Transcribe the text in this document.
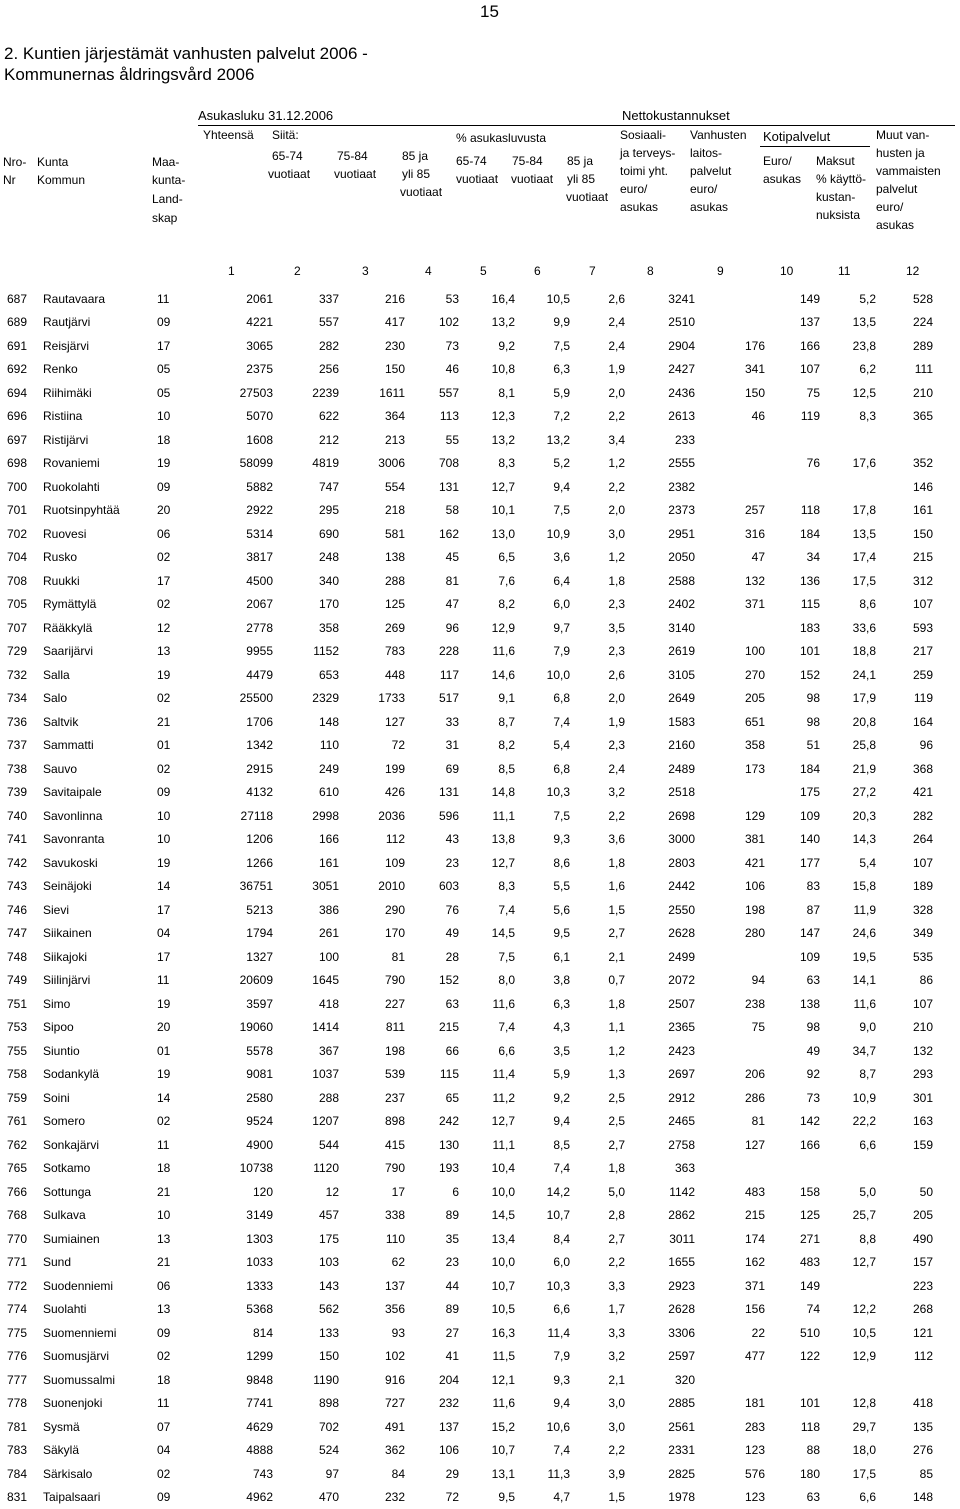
15
2. Kuntien järjestämät vanhusten palvelut 2006 -
Kommunernas åldringsvård 2006
Asukasluku 31.12.2006	Nettokustannukset
Nro-
Nr
Kunta
Kommun
Maa-
kunta-
Land-
skap
Yhteensä Siitä:
65-74
vuotiaat
75-84
vuotiaat
85 ja
yli 85
vuotiaat
% asukasluvusta
65-74
vuotiaat
75-84
vuotiaat
85 ja
yli 85
vuotiaat
Sosiaali-
ja terveys-
toimi yht.
euro/
asukas
Vanhusten
laitos-
palvelut
euro/
asukas
Kotipalvelut
Euro/
asukas
Maksut
% käyttö-
kustan-
nuksista
Muut van-
husten ja
vammaisten
palvelut
euro/
asukas
1	2	3	4	5	6	7	8	9	10	11	12
687	Rautavaara	11	2061	337	216	53	16,4	10,5	2,6	3241		149	5,2	528
689	Rautjärvi	09	4221	557	417	102	13,2	9,9	2,4	2510		137	13,5	224
691	Reisjärvi	17	3065	282	230	73	9,2	7,5	2,4	2904	176	166	23,8	289
692	Renko	05	2375	256	150	46	10,8	6,3	1,9	2427	341	107	6,2	111
694	Riihimäki	05	27503	2239	1611	557	8,1	5,9	2,0	2436	150	75	12,5	210
696	Ristiina	10	5070	622	364	113	12,3	7,2	2,2	2613	46	119	8,3	365
697	Ristijärvi	18	1608	212	213	55	13,2	13,2	3,4	233				
698	Rovaniemi	19	58099	4819	3006	708	8,3	5,2	1,2	2555		76	17,6	352
700	Ruokolahti	09	5882	747	554	131	12,7	9,4	2,2	2382				146
701	Ruotsinpyhtää	20	2922	295	218	58	10,1	7,5	2,0	2373	257	118	17,8	161
702	Ruovesi	06	5314	690	581	162	13,0	10,9	3,0	2951	316	184	13,5	150
704	Rusko	02	3817	248	138	45	6,5	3,6	1,2	2050	47	34	17,4	215
708	Ruukki	17	4500	340	288	81	7,6	6,4	1,8	2588	132	136	17,5	312
705	Rymättylä	02	2067	170	125	47	8,2	6,0	2,3	2402	371	115	8,6	107
707	Rääkkylä	12	2778	358	269	96	12,9	9,7	3,5	3140		183	33,6	593
729	Saarijärvi	13	9955	1152	783	228	11,6	7,9	2,3	2619	100	101	18,8	217
732	Salla	19	4479	653	448	117	14,6	10,0	2,6	3105	270	152	24,1	259
734	Salo	02	25500	2329	1733	517	9,1	6,8	2,0	2649	205	98	17,9	119
736	Saltvik	21	1706	148	127	33	8,7	7,4	1,9	1583	651	98	20,8	164
737	Sammatti	01	1342	110	72	31	8,2	5,4	2,3	2160	358	51	25,8	96
738	Sauvo	02	2915	249	199	69	8,5	6,8	2,4	2489	173	184	21,9	368
739	Savitaipale	09	4132	610	426	131	14,8	10,3	3,2	2518		175	27,2	421
740	Savonlinna	10	27118	2998	2036	596	11,1	7,5	2,2	2698	129	109	20,3	282
741	Savonranta	10	1206	166	112	43	13,8	9,3	3,6	3000	381	140	14,3	264
742	Savukoski	19	1266	161	109	23	12,7	8,6	1,8	2803	421	177	5,4	107
743	Seinäjoki	14	36751	3051	2010	603	8,3	5,5	1,6	2442	106	83	15,8	189
746	Sievi	17	5213	386	290	76	7,4	5,6	1,5	2550	198	87	11,9	328
747	Siikainen	04	1794	261	170	49	14,5	9,5	2,7	2628	280	147	24,6	349
748	Siikajoki	17	1327	100	81	28	7,5	6,1	2,1	2499		109	19,5	535
749	Siilinjärvi	11	20609	1645	790	152	8,0	3,8	0,7	2072	94	63	14,1	86
751	Simo	19	3597	418	227	63	11,6	6,3	1,8	2507	238	138	11,6	107
753	Sipoo	20	19060	1414	811	215	7,4	4,3	1,1	2365	75	98	9,0	210
755	Siuntio	01	5578	367	198	66	6,6	3,5	1,2	2423		49	34,7	132
758	Sodankylä	19	9081	1037	539	115	11,4	5,9	1,3	2697	206	92	8,7	293
759	Soini	14	2580	288	237	65	11,2	9,2	2,5	2912	286	73	10,9	301
761	Somero	02	9524	1207	898	242	12,7	9,4	2,5	2465	81	142	22,2	163
762	Sonkajärvi	11	4900	544	415	130	11,1	8,5	2,7	2758	127	166	6,6	159
765	Sotkamo	18	10738	1120	790	193	10,4	7,4	1,8	363				
766	Sottunga	21	120	12	17	6	10,0	14,2	5,0	1142	483	158	5,0	50
768	Sulkava	10	3149	457	338	89	14,5	10,7	2,8	2862	215	125	25,7	205
770	Sumiainen	13	1303	175	110	35	13,4	8,4	2,7	3011	174	271	8,8	490
771	Sund	21	1033	103	62	23	10,0	6,0	2,2	1655	162	483	12,7	157
772	Suodenniemi	06	1333	143	137	44	10,7	10,3	3,3	2923	371	149		223
774	Suolahti	13	5368	562	356	89	10,5	6,6	1,7	2628	156	74	12,2	268
775	Suomenniemi	09	814	133	93	27	16,3	11,4	3,3	3306	22	510	10,5	121
776	Suomusjärvi	02	1299	150	102	41	11,5	7,9	3,2	2597	477	122	12,9	112
777	Suomussalmi	18	9848	1190	916	204	12,1	9,3	2,1	320				
778	Suonenjoki	11	7741	898	727	232	11,6	9,4	3,0	2885	181	101	12,8	418
781	Sysmä	07	4629	702	491	137	15,2	10,6	3,0	2561	283	118	29,7	135
783	Säkylä	04	4888	524	362	106	10,7	7,4	2,2	2331	123	88	18,0	276
784	Särkisalo	02	743	97	84	29	13,1	11,3	3,9	2825	576	180	17,5	85
831	Taipalsaari	09	4962	470	232	72	9,5	4,7	1,5	1978	123	63	6,6	148
